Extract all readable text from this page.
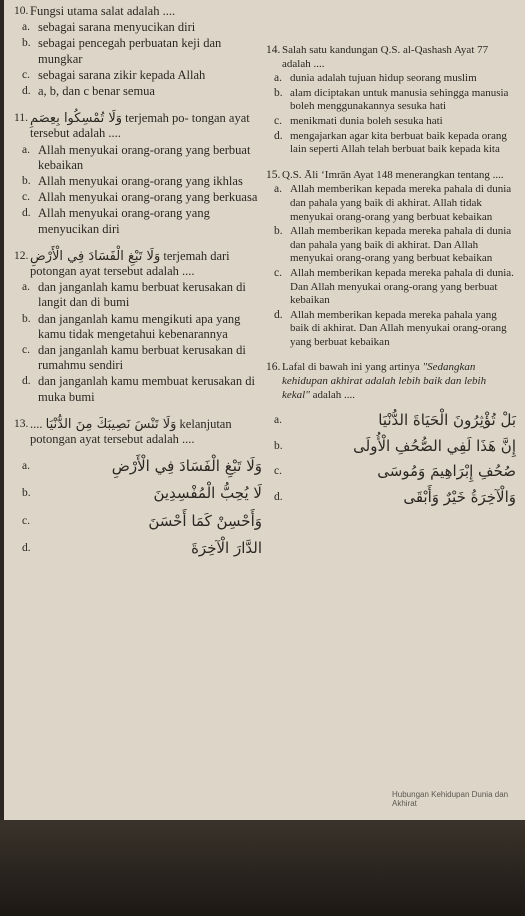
10. Fungsi utama salat adalah ....
a. sebagai sarana menyucikan diri
b. sebagai pencegah perbuatan keji dan mungkar
c. sebagai sarana zikir kepada Allah
d. a, b, dan c benar semua
11. وَلَا تُمْسِكُوا بِعِصَمِ terjemah po- tongan ayat tersebut adalah ....
a. Allah menyukai orang-orang yang berbuat kebaikan
b. Allah menyukai orang-orang yang ikhlas
c. Allah menyukai orang-orang yang berkuasa
d. Allah menyukai orang-orang yang menyucikan diri
12. وَلَا تَبْغِ الْفَسَادَ فِي الْأَرْضِ terjemah dari potongan ayat tersebut adalah ....
a. dan janganlah kamu berbuat kerusakan di langit dan di bumi
b. dan janganlah kamu mengikuti apa yang kamu tidak mengetahui kebenarannya
c. dan janganlah kamu berbuat kerusakan di rumahmu sendiri
d. dan janganlah kamu membuat kerusakan di muka bumi
13. .... وَلَا تَنْسَ نَصِيبَكَ مِنَ الدُّنْيَا kelanjutan potongan ayat tersebut adalah ....
a.	وَلَا تَبْغِ الْفَسَادَ فِي الْأَرْضِ
b.	لَا يُحِبُّ الْمُفْسِدِينَ
c.	وَأَحْسِنْ كَمَا أَحْسَنَ
d.	الدَّارَ الْآخِرَةَ
14. Salah satu kandungan Q.S. al-Qashash Ayat 77 adalah ....
a. dunia adalah tujuan hidup seorang muslim
b. alam diciptakan untuk manusia sehingga manusia boleh menggunakannya sesuka hati
c. menikmati dunia boleh sesuka hati
d. mengajarkan agar kita berbuat baik kepada orang lain seperti Allah telah berbuat baik kepada kita
15. Q.S. Āli ʻImrān Ayat 148 menerangkan tentang ....
a. Allah memberikan kepada mereka pahala di dunia dan pahala yang baik di akhirat. Allah tidak menyukai orang-orang yang berbuat kebaikan
b. Allah memberikan kepada mereka pahala di dunia dan pahala yang baik di akhirat. Dan Allah menyukai orang-orang yang berbuat kebaikan
c. Allah memberikan kepada mereka pahala di dunia. Dan Allah menyukai orang-orang yang berbuat kebaikan
d. Allah memberikan kepada mereka pahala yang baik di akhirat. Dan Allah menyukai orang-orang yang berbuat kebaikan
16. Lafal di bawah ini yang artinya "Sedangkan kehidupan akhirat adalah lebih baik dan lebih kekal" adalah ....
a.	بَلْ تُؤْثِرُونَ الْحَيَاةَ الدُّنْيَا
b.	إِنَّ هَذَا لَفِي الصُّحُفِ الْأُولَى
c.	صُحُفِ إِبْرَاهِيمَ وَمُوسَى
d.	وَالْآخِرَةُ خَيْرٌ وَأَبْقَى
Hubungan Kehidupan Dunia dan Akhirat
